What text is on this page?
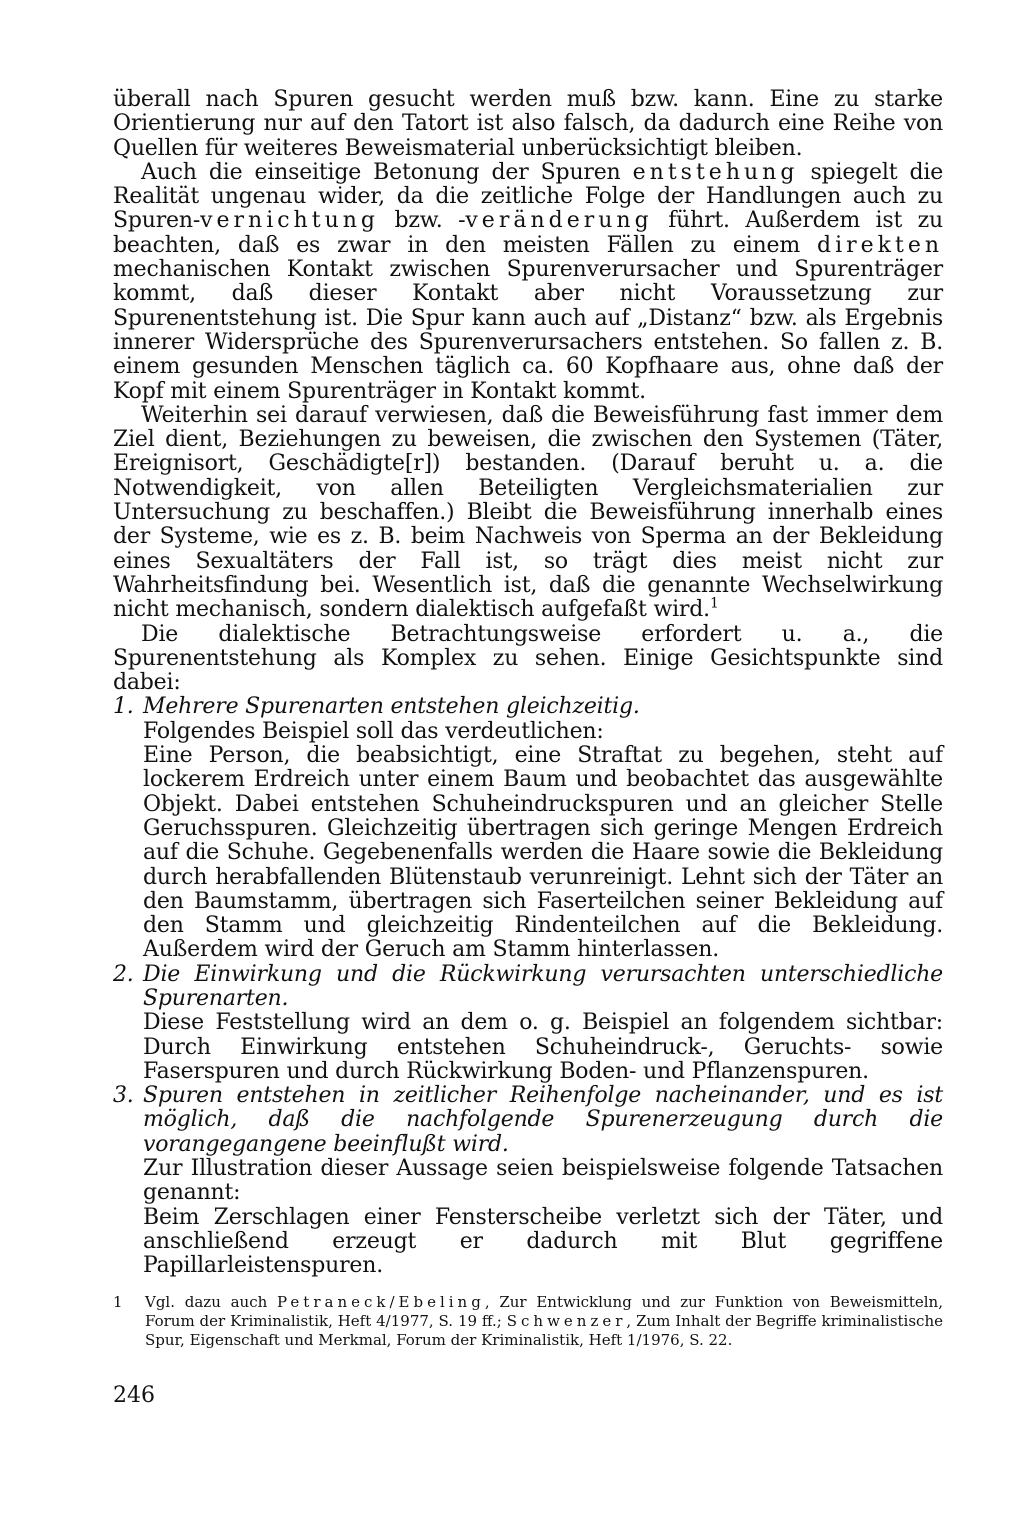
überall nach Spuren gesucht werden muß bzw. kann. Eine zu starke Orientierung nur auf den Tatort ist also falsch, da dadurch eine Reihe von Quellen für weiteres Beweismaterial unberücksichtigt bleiben.

Auch die einseitige Betonung der Spuren entstehung spiegelt die Realität ungenau wider, da die zeitliche Folge der Handlungen auch zu Spuren-vernichtung bzw. -veränderung führt. Außerdem ist zu beachten, daß es zwar in den meisten Fällen zu einem direkten mechanischen Kontakt zwischen Spurenverursacher und Spurenträger kommt, daß dieser Kontakt aber nicht Voraussetzung zur Spurenentstehung ist. Die Spur kann auch auf „Distanz“ bzw. als Ergebnis innerer Widersprüche des Spurenverursachers entstehen. So fallen z. B. einem gesunden Menschen täglich ca. 60 Kopfhaare aus, ohne daß der Kopf mit einem Spurenträger in Kontakt kommt.

Weiterhin sei darauf verwiesen, daß die Beweisführung fast immer dem Ziel dient, Beziehungen zu beweisen, die zwischen den Systemen (Täter, Ereignisort, Geschädigte[r]) bestanden. (Darauf beruht u. a. die Notwendigkeit, von allen Beteiligten Vergleichsmaterialien zur Untersuchung zu beschaffen.) Bleibt die Beweisführung innerhalb eines der Systeme, wie es z. B. beim Nachweis von Sperma an der Bekleidung eines Sexualtäters der Fall ist, so trägt dies meist nicht zur Wahrheitsfindung bei. Wesentlich ist, daß die genannte Wechselwirkung nicht mechanisch, sondern dialektisch aufgefaßt wird.$^1$

Die dialektische Betrachtungsweise erfordert u. a., die Spurenentstehung als Komplex zu sehen. Einige Gesichtspunkte sind dabei:

1. Mehrere Spurenarten entstehen gleichzeitig.

Folgendes Beispiel soll das verdeutlichen:

Eine Person, die beabsichtigt, eine Straftat zu begehen, steht auf lockerem Erdreich unter einem Baum und beobachtet das ausgewählte Objekt. Dabei entstehen Schuheindruckspuren und an gleicher Stelle Geruchsspuren. Gleichzeitig übertragen sich geringe Mengen Erdreich auf die Schuhe. Gegebenenfalls werden die Haare sowie die Bekleidung durch herabfallenden Blütenstaub verunreinigt. Lehnt sich der Täter an den Baumstamm, übertragen sich Faserteilchen seiner Bekleidung auf den Stamm und gleichzeitig Rindenteilchen auf die Bekleidung. Außerdem wird der Geruch am Stamm hinterlassen.

2. Die Einwirkung und die Rückwirkung verursachten unterschiedliche Spurenarten.

Diese Feststellung wird an dem o. g. Beispiel an folgendem sichtbar: Durch Einwirkung entstehen Schuheindruck-, Geruchts- sowie Faserspuren und durch Rückwirkung Boden- und Pflanzenspuren.

3. Spuren entstehen in zeitlicher Reihenfolge nacheinander, und es ist möglich, daß die nachfolgende Spurenerzeugung durch die vorangegangene beeinflußt wird.

Zur Illustration dieser Aussage seien beispielsweise folgende Tatsachen genannt:

Beim Zerschlagen einer Fensterscheibe verletzt sich der Täter, und anschließend erzeugt er dadurch mit Blut gegriffene Papillarleistenspuren.

1	Vgl. dazu auch Petraneck/Ebeling, Zur Entwicklung und zur Funktion von Beweismitteln, Forum der Kriminalistik, Heft 4/1977, S. 19 ff.; Schwenzer, Zum Inhalt der Begriffe kriminalistische Spur, Eigenschaft und Merkmal, Forum der Kriminalistik, Heft 1/1976, S. 22.
246
